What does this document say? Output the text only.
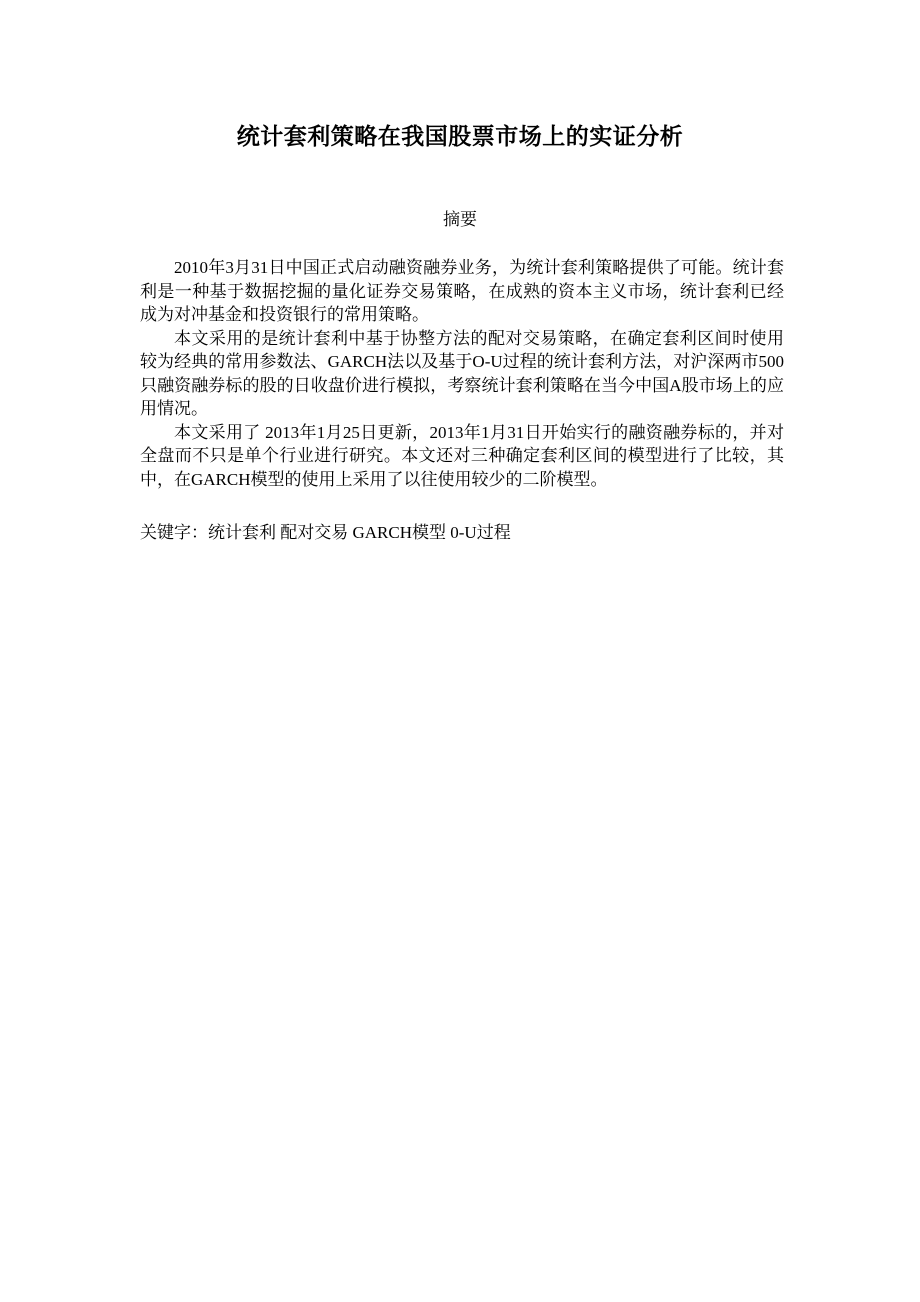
统计套利策略在我国股票市场上的实证分析
摘要

2010年3月31日中国正式启动融资融券业务，为统计套利策略提供了可能。统计套利是一种基于数据挖掘的量化证券交易策略，在成熟的资本主义市场，统计套利已经成为对冲基金和投资银行的常用策略。

本文采用的是统计套利中基于协整方法的配对交易策略，在确定套利区间时使用较为经典的常用参数法、GARCH法以及基于O-U过程的统计套利方法，对沪深两市500只融资融券标的股的日收盘价进行模拟，考察统计套利策略在当今中国A股市场上的应用情况。

本文采用了 2013年1月25日更新，2013年1月31日开始实行的融资融券标的，并对全盘而不只是单个行业进行研究。本文还对三种确定套利区间的模型进行了比较，其中，在GARCH模型的使用上采用了以往使用较少的二阶模型。

关键字：统计套利 配对交易 GARCH模型 0-U过程
